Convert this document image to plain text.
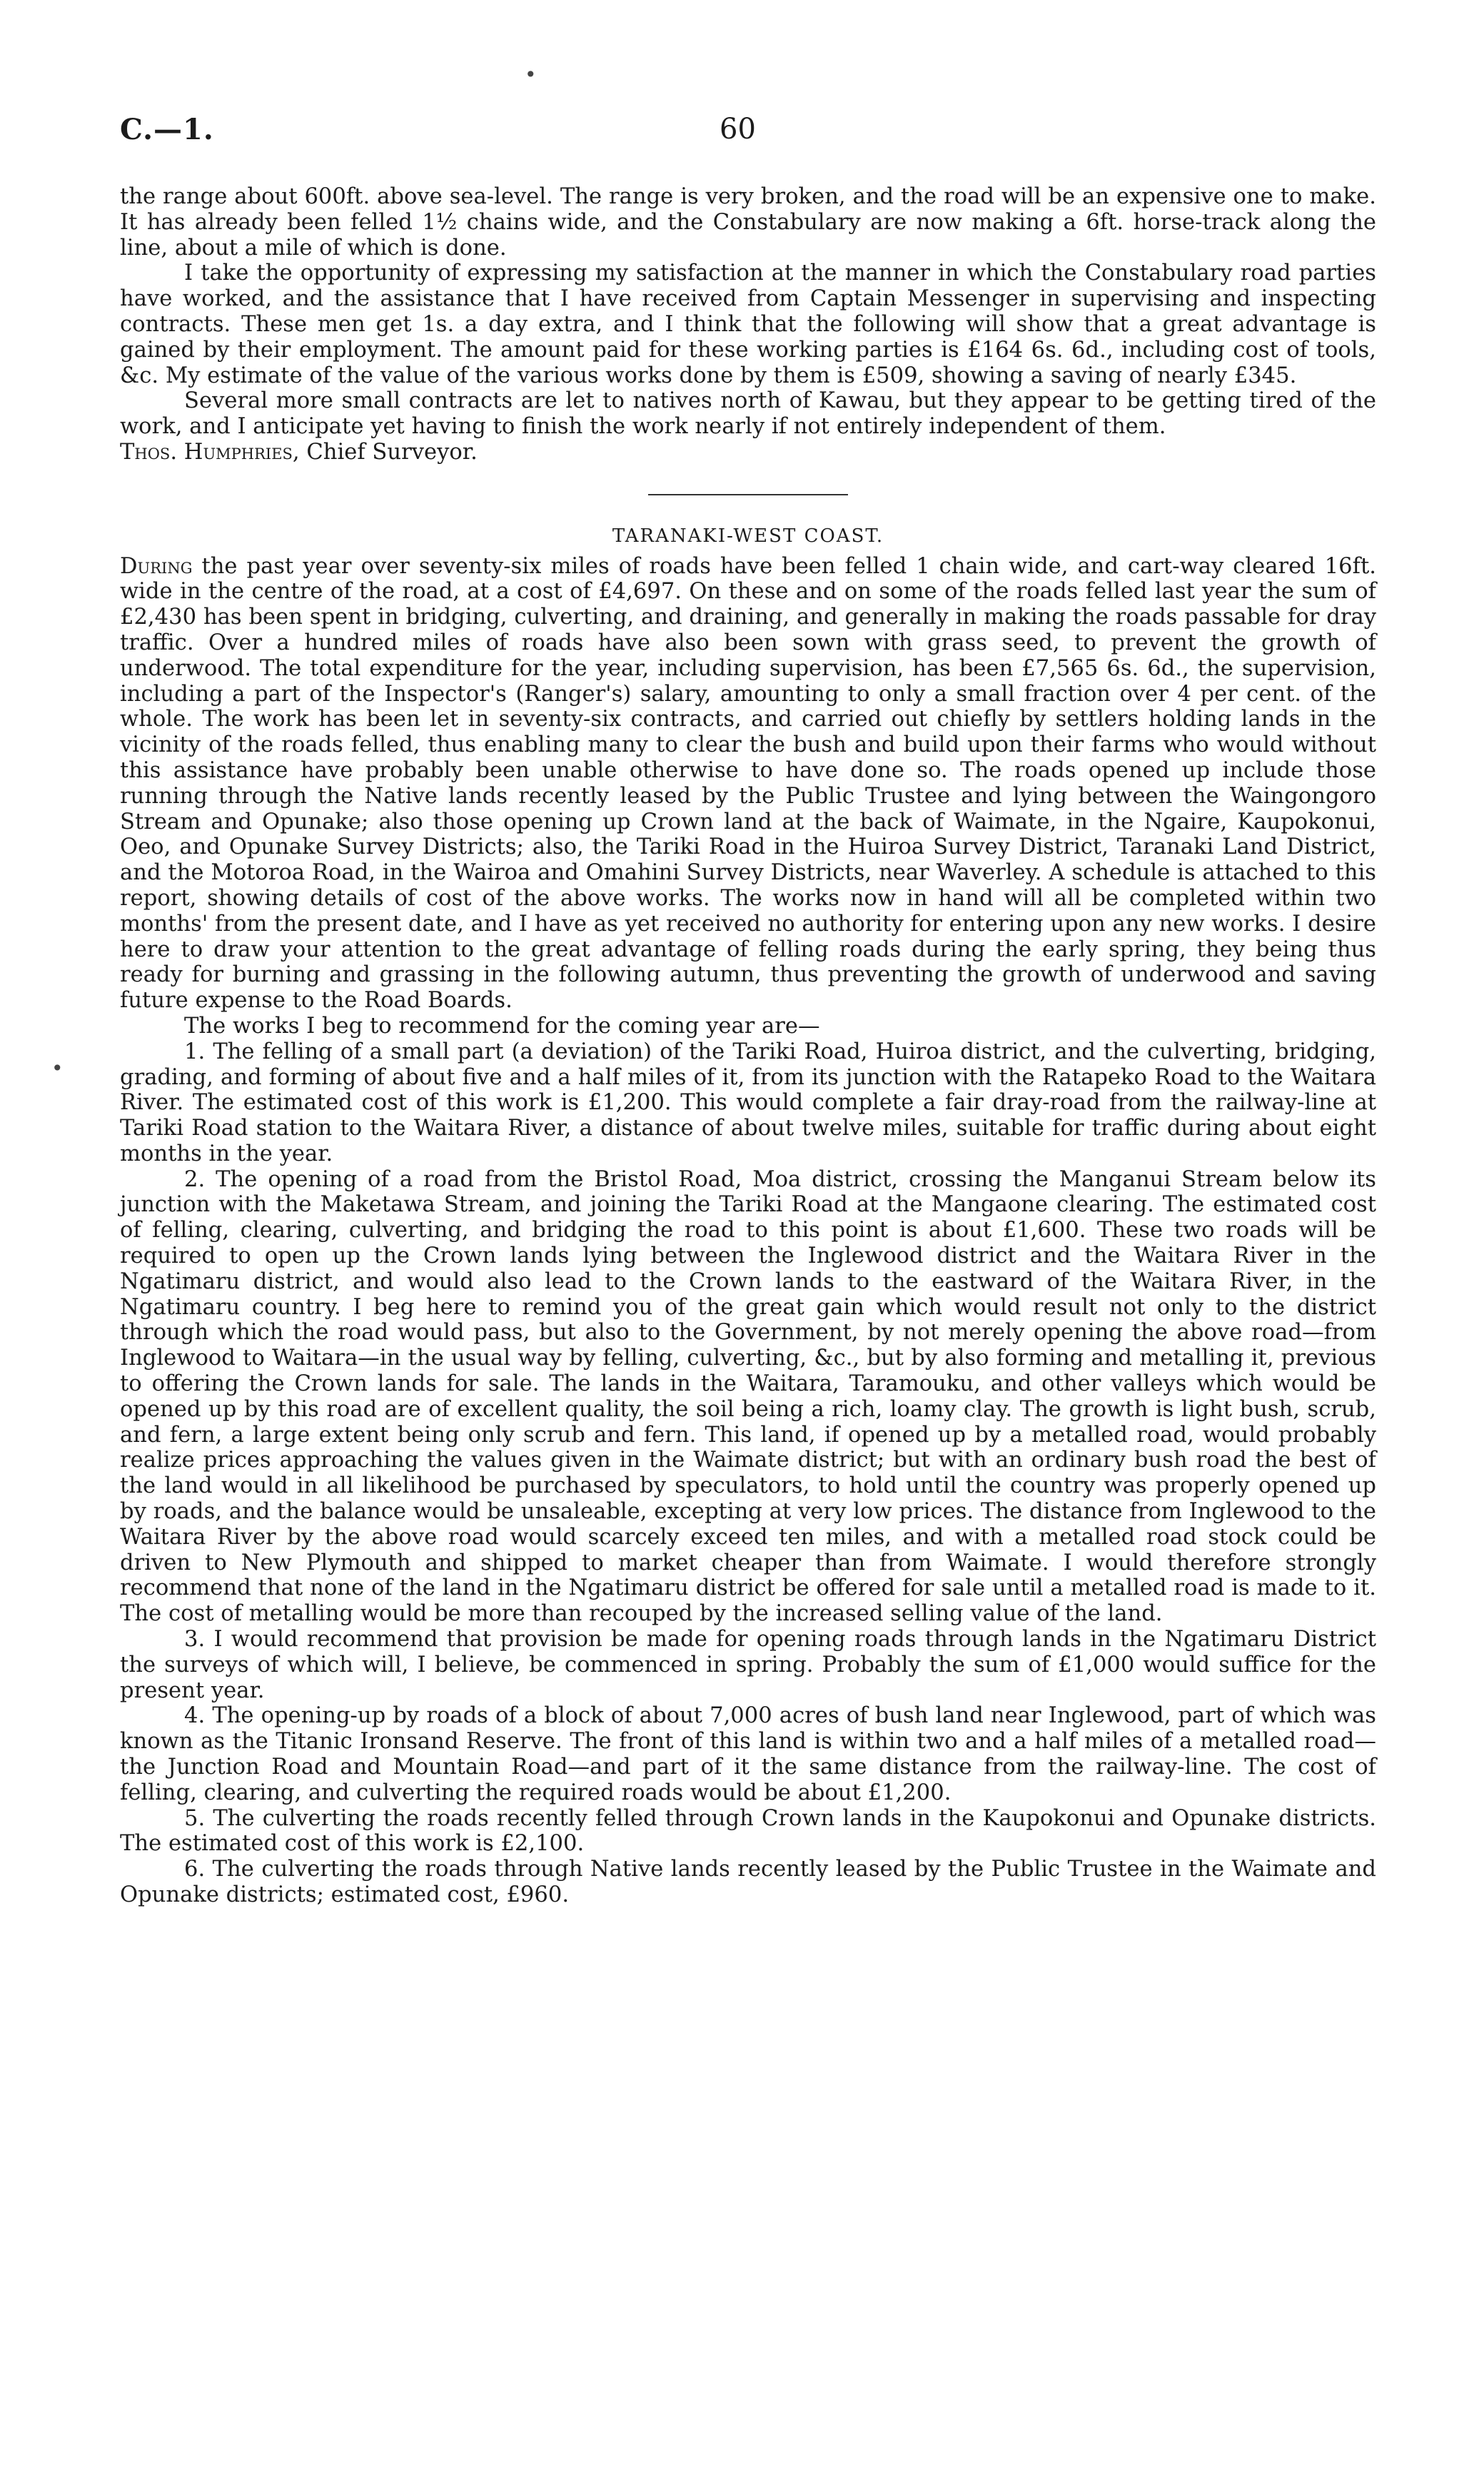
•
•
C.—1.	60

the range about 600ft. above sea-level. The range is very broken, and the road will be an expensive one to make. It has already been felled 1½ chains wide, and the Constabulary are now making a 6ft. horse-track along the line, about a mile of which is done.

I take the opportunity of expressing my satisfaction at the manner in which the Constabulary road parties have worked, and the assistance that I have received from Captain Messenger in supervising and inspecting contracts. These men get 1s. a day extra, and I think that the following will show that a great advantage is gained by their employment. The amount paid for these working parties is £164 6s. 6d., including cost of tools, &c. My estimate of the value of the various works done by them is £509, showing a saving of nearly £345.

Several more small contracts are let to natives north of Kawau, but they appear to be getting tired of the work, and I anticipate yet having to finish the work nearly if not entirely independent of them.

Thos. Humphries, Chief Surveyor.

TARANAKI-WEST COAST.

During the past year over seventy-six miles of roads have been felled 1 chain wide, and cart-way cleared 16ft. wide in the centre of the road, at a cost of £4,697. On these and on some of the roads felled last year the sum of £2,430 has been spent in bridging, culverting, and draining, and generally in making the roads passable for dray traffic. Over a hundred miles of roads have also been sown with grass seed, to prevent the growth of underwood. The total expenditure for the year, including supervision, has been £7,565 6s. 6d., the supervision, including a part of the Inspector's (Ranger's) salary, amounting to only a small fraction over 4 per cent. of the whole. The work has been let in seventy-six contracts, and carried out chiefly by settlers holding lands in the vicinity of the roads felled, thus enabling many to clear the bush and build upon their farms who would without this assistance have probably been unable otherwise to have done so. The roads opened up include those running through the Native lands recently leased by the Public Trustee and lying between the Waingongoro Stream and Opunake; also those opening up Crown land at the back of Waimate, in the Ngaire, Kaupokonui, Oeo, and Opunake Survey Districts; also, the Tariki Road in the Huiroa Survey District, Taranaki Land District, and the Motoroa Road, in the Wairoa and Omahini Survey Districts, near Waverley. A schedule is attached to this report, showing details of cost of the above works. The works now in hand will all be completed within two months' from the present date, and I have as yet received no authority for entering upon any new works. I desire here to draw your attention to the great advantage of felling roads during the early spring, they being thus ready for burning and grassing in the following autumn, thus preventing the growth of underwood and saving future expense to the Road Boards.

The works I beg to recommend for the coming year are—

1. The felling of a small part (a deviation) of the Tariki Road, Huiroa district, and the culverting, bridging, grading, and forming of about five and a half miles of it, from its junction with the Ratapeko Road to the Waitara River. The estimated cost of this work is £1,200. This would complete a fair dray-road from the railway-line at Tariki Road station to the Waitara River, a distance of about twelve miles, suitable for traffic during about eight months in the year.

2. The opening of a road from the Bristol Road, Moa district, crossing the Manganui Stream below its junction with the Maketawa Stream, and joining the Tariki Road at the Mangaone clearing. The estimated cost of felling, clearing, culverting, and bridging the road to this point is about £1,600. These two roads will be required to open up the Crown lands lying between the Inglewood district and the Waitara River in the Ngatimaru district, and would also lead to the Crown lands to the eastward of the Waitara River, in the Ngatimaru country. I beg here to remind you of the great gain which would result not only to the district through which the road would pass, but also to the Government, by not merely opening the above road—from Inglewood to Waitara—in the usual way by felling, culverting, &c., but by also forming and metalling it, previous to offering the Crown lands for sale. The lands in the Waitara, Taramouku, and other valleys which would be opened up by this road are of excellent quality, the soil being a rich, loamy clay. The growth is light bush, scrub, and fern, a large extent being only scrub and fern. This land, if opened up by a metalled road, would probably realize prices approaching the values given in the Waimate district; but with an ordinary bush road the best of the land would in all likelihood be purchased by speculators, to hold until the country was properly opened up by roads, and the balance would be unsaleable, excepting at very low prices. The distance from Inglewood to the Waitara River by the above road would scarcely exceed ten miles, and with a metalled road stock could be driven to New Plymouth and shipped to market cheaper than from Waimate. I would therefore strongly recommend that none of the land in the Ngatimaru district be offered for sale until a metalled road is made to it. The cost of metalling would be more than recouped by the increased selling value of the land.

3. I would recommend that provision be made for opening roads through lands in the Ngatimaru District the surveys of which will, I believe, be commenced in spring. Probably the sum of £1,000 would suffice for the present year.

4. The opening-up by roads of a block of about 7,000 acres of bush land near Inglewood, part of which was known as the Titanic Ironsand Reserve. The front of this land is within two and a half miles of a metalled road—the Junction Road and Mountain Road—and part of it the same distance from the railway-line. The cost of felling, clearing, and culverting the required roads would be about £1,200.

5. The culverting the roads recently felled through Crown lands in the Kaupokonui and Opunake districts. The estimated cost of this work is £2,100.

6. The culverting the roads through Native lands recently leased by the Public Trustee in the Waimate and Opunake districts; estimated cost, £960.
